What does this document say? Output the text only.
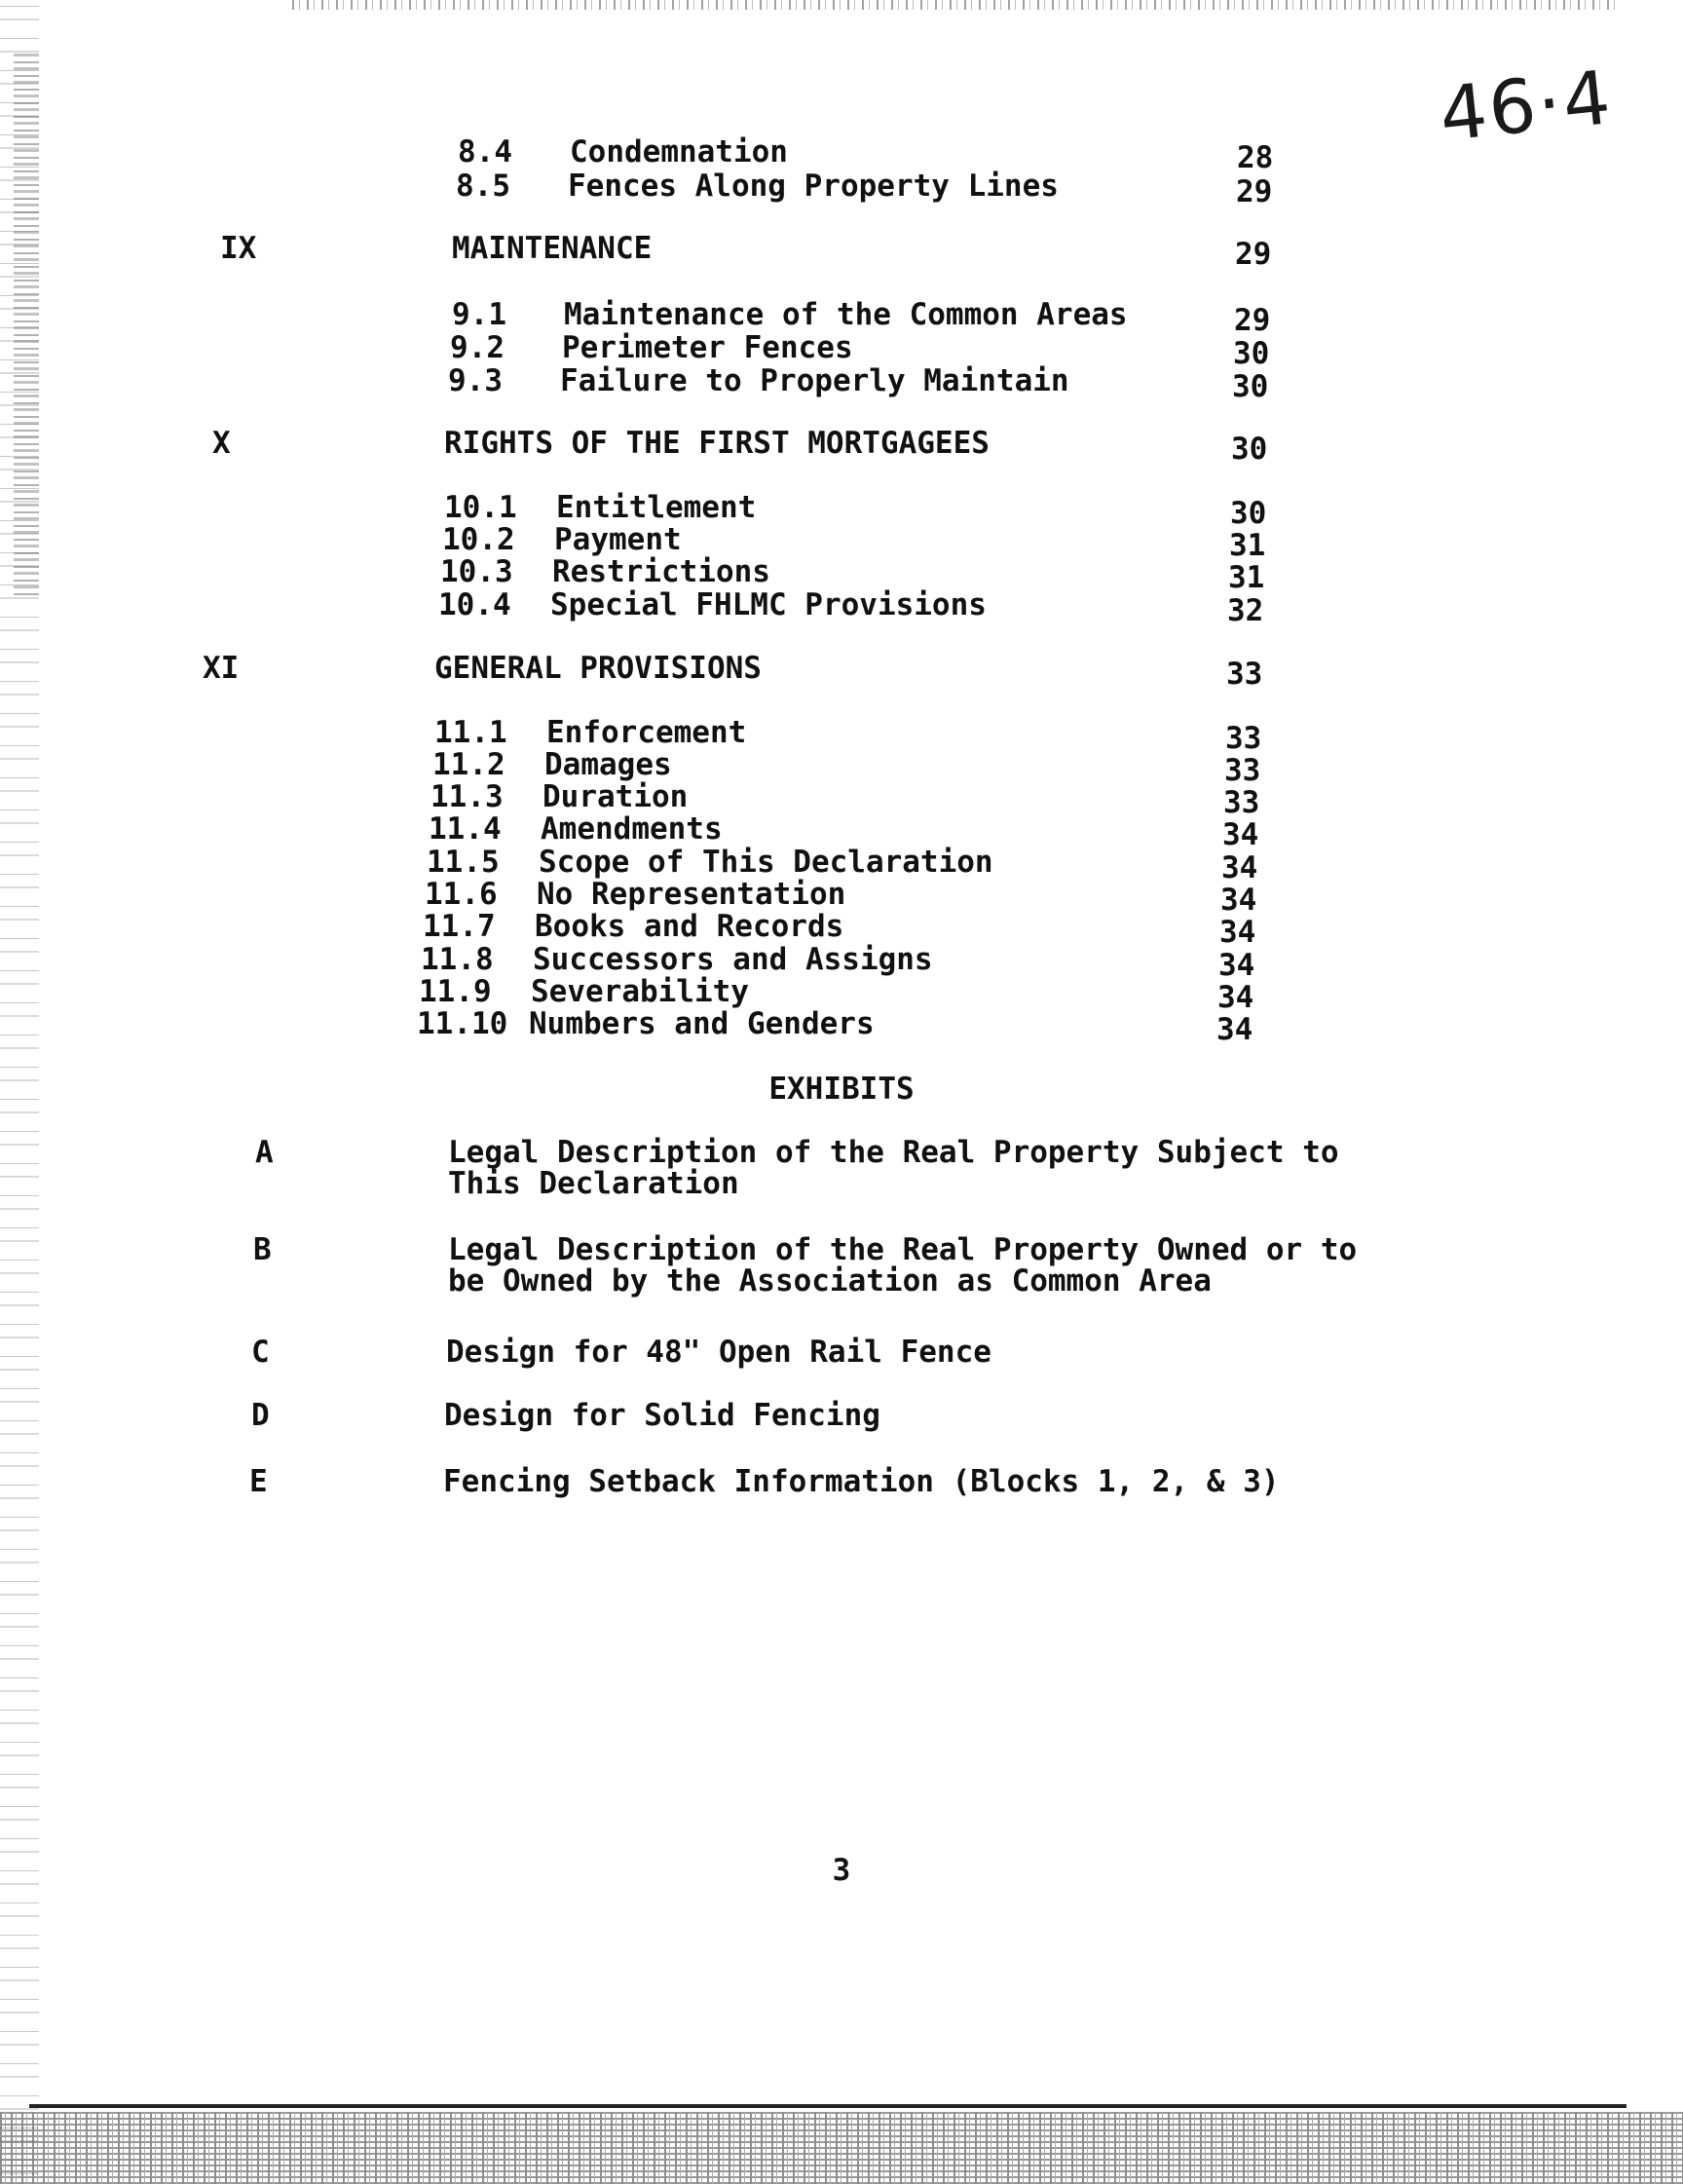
46·4
8.4 Condemnation	28
8.5 Fences Along Property Lines	29
IX	MAINTENANCE	29
9.1 Maintenance of the Common Areas	29
9.2 Perimeter Fences	30
9.3 Failure to Properly Maintain	30
X	RIGHTS OF THE FIRST MORTGAGEES	30
10.1 Entitlement	30
10.2 Payment	31
10.3 Restrictions	31
10.4 Special FHLMC Provisions	32
XI	GENERAL PROVISIONS	33
11.1 Enforcement	33
11.2 Damages	33
11.3 Duration	33
11.4 Amendments	34
11.5 Scope of This Declaration	34
11.6 No Representation	34
11.7 Books and Records	34
11.8 Successors and Assigns	34
11.9 Severability	34
11.10 Numbers and Genders	34
EXHIBITS
A	Legal Description of the Real Property Subject to
This Declaration
B	Legal Description of the Real Property Owned or to
be Owned by the Association as Common Area
C	Design for 48" Open Rail Fence
D	Design for Solid Fencing
E	Fencing Setback Information (Blocks 1, 2, & 3)
3
